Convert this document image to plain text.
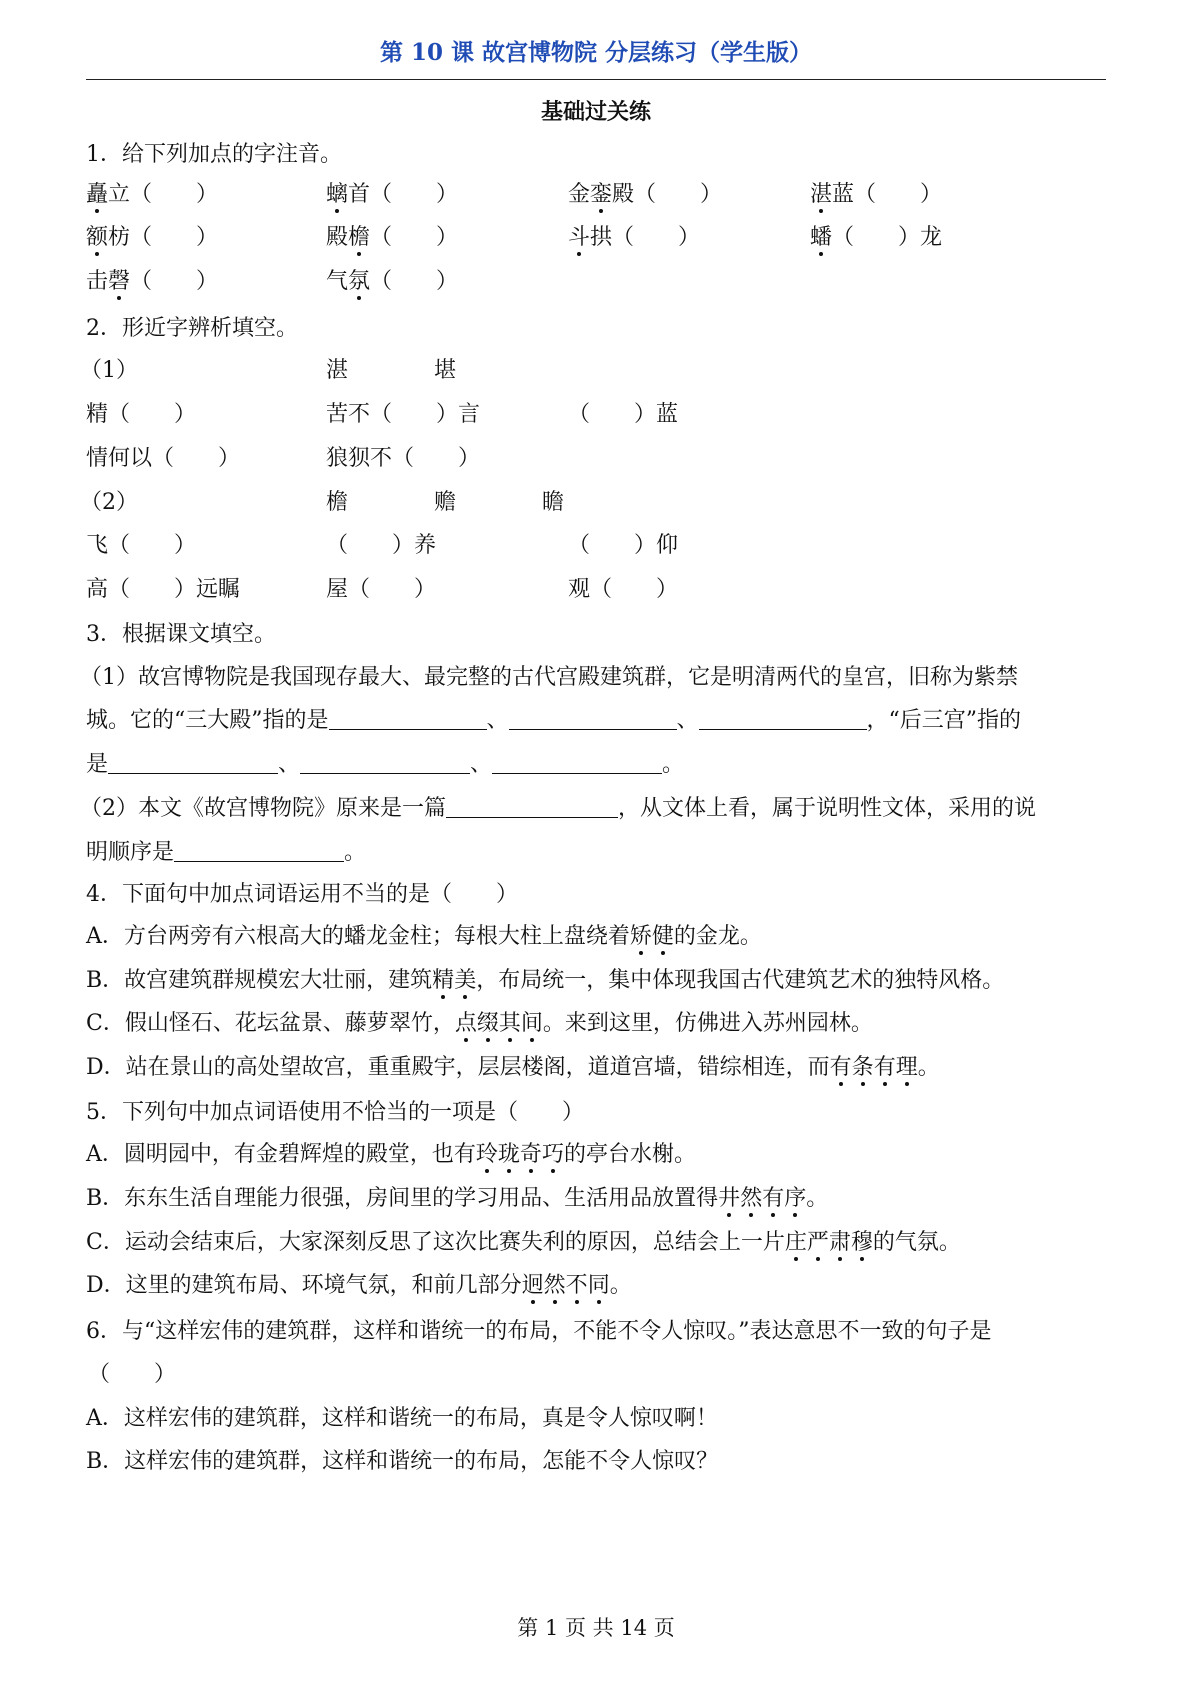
第 10 课 故宫博物院 分层练习（学生版）
基础过关练
1．给下列加点的字注音。
矗立（　　）	螭首（　　）	金銮殿（　　）	湛蓝（　　）
额枋（　　）	殿檐（　　）	斗拱（　　）	蟠（　　）龙
击磬（　　）	气氛（　　）
2．形近字辨析填空。
（1）	湛	堪
精（　　）	苦不（　　）言	（　　）蓝
情何以（　　）	狼狈不（　　）
（2）	檐	赡	瞻
飞（　　）	（　　）养	（　　）仰
高（　　）远瞩	屋（　　）	观（　　）
3．根据课文填空。
（1）故宫博物院是我国现存最大、最完整的古代宫殿建筑群，它是明清两代的皇宫，旧称为紫禁
城。它的“三大殿”指的是	、	、	，“后三宫”指的
是	、	、	。
（2）本文《故宫博物院》原来是一篇	，从文体上看，属于说明性文体，采用的说
明顺序是	。
4．下面句中加点词语运用不当的是（　　）
A．方台两旁有六根高大的蟠龙金柱；每根大柱上盘绕着矫健的金龙。
B．故宫建筑群规模宏大壮丽，建筑精美，布局统一，集中体现我国古代建筑艺术的独特风格。
C．假山怪石、花坛盆景、藤萝翠竹，点缀其间。来到这里，仿佛进入苏州园林。
D．站在景山的高处望故宫，重重殿宇，层层楼阁，道道宫墙，错综相连，而有条有理。
5．下列句中加点词语使用不恰当的一项是（　　）
A．圆明园中，有金碧辉煌的殿堂，也有玲珑奇巧的亭台水榭。
B．东东生活自理能力很强，房间里的学习用品、生活用品放置得井然有序。
C．运动会结束后，大家深刻反思了这次比赛失利的原因，总结会上一片庄严肃穆的气氛。
D．这里的建筑布局、环境气氛，和前几部分迥然不同。
6．与“这样宏伟的建筑群，这样和谐统一的布局，不能不令人惊叹。”表达意思不一致的句子是
（　　）
A．这样宏伟的建筑群，这样和谐统一的布局，真是令人惊叹啊！
B．这样宏伟的建筑群，这样和谐统一的布局，怎能不令人惊叹？
第 1 页 共 14 页
